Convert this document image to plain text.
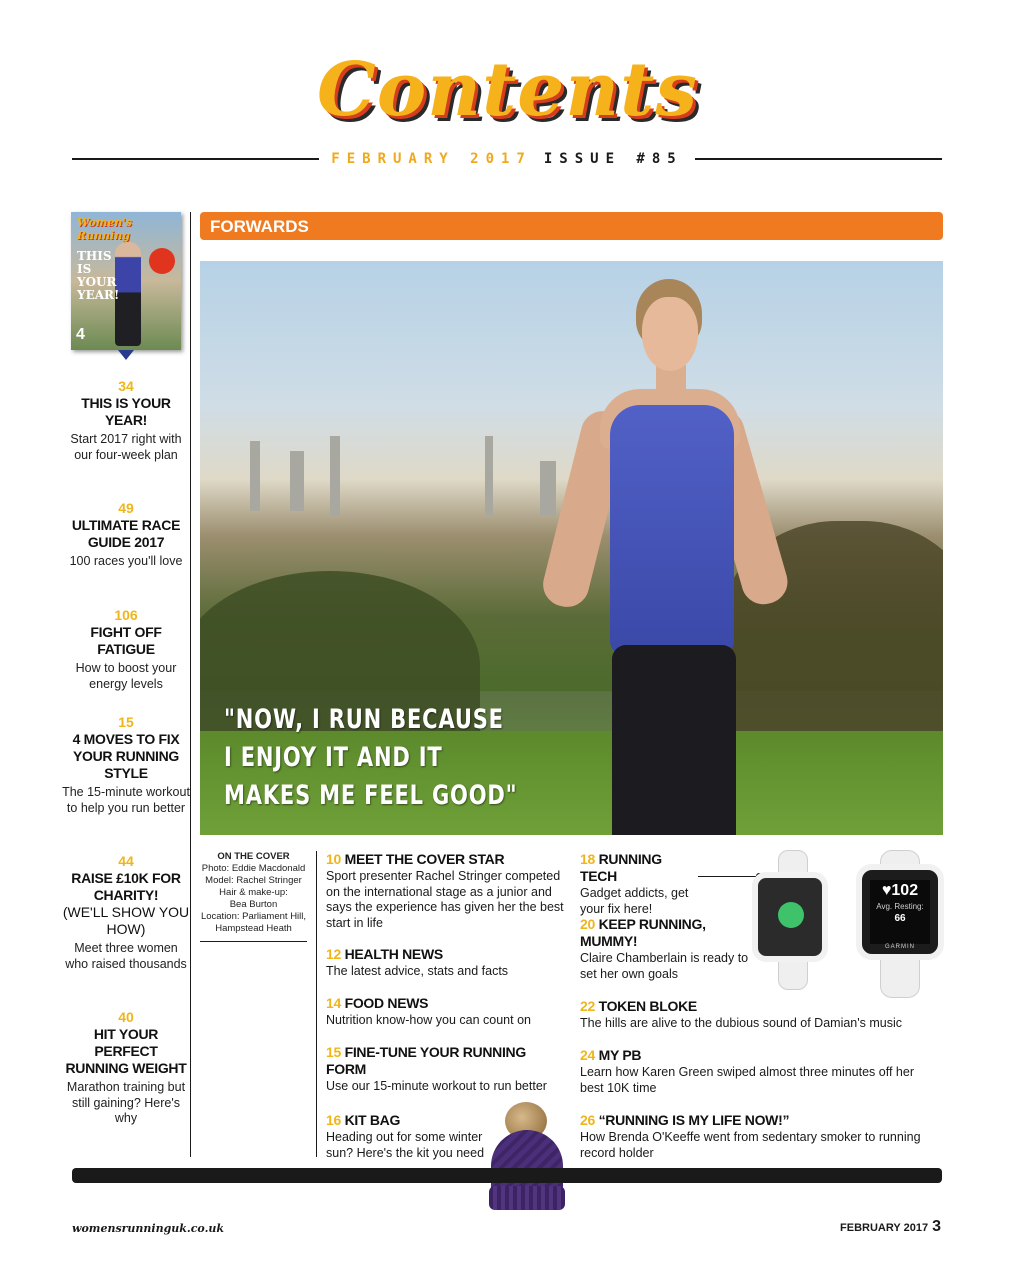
Contents
FEBRUARY 2017 ISSUE #85
Women's Running
THIS IS YOUR YEAR!
4
34
THIS IS YOUR YEAR!
Start 2017 right with our four-week plan
49
ULTIMATE RACE GUIDE 2017
100 races you'll love
106
FIGHT OFF FATIGUE
How to boost your energy levels
15
4 MOVES TO FIX YOUR RUNNING STYLE
The 15-minute workout to help you run better
44
RAISE £10K FOR CHARITY!
(WE'LL SHOW YOU HOW)
Meet three women who raised thousands
40
HIT YOUR PERFECT RUNNING WEIGHT
Marathon training but still gaining? Here's why
FORWARDS
"NOW, I RUN BECAUSE
I ENJOY IT AND IT
MAKES ME FEEL GOOD"
ON THE COVER
Photo: Eddie Macdonald
Model: Rachel Stringer
Hair & make-up:
Bea Burton
Location: Parliament Hill,
Hampstead Heath
10 MEET THE COVER STAR
Sport presenter Rachel Stringer competed on the international stage as a junior and says the experience has given her the best start in life
12 HEALTH NEWS
The latest advice, stats and facts
14 FOOD NEWS
Nutrition know-how you can count on
15 FINE-TUNE YOUR RUNNING FORM
Use our 15-minute workout to run better
16 KIT BAG
Heading out for some winter sun? Here's the kit you need
18 RUNNING TECH
Gadget addicts, get your fix here!
20 KEEP RUNNING, MUMMY!
Claire Chamberlain is ready to set her own goals
22 TOKEN BLOKE
The hills are alive to the dubious sound of Damian's music
24 MY PB
Learn how Karen Green swiped almost three minutes off her best 10K time
26 “RUNNING IS MY LIFE NOW!”
How Brenda O'Keeffe went from sedentary smoker to running record holder
♥102
Avg. Resting:
66
GARMIN
womensrunninguk.co.uk	FEBRUARY 2017 3
